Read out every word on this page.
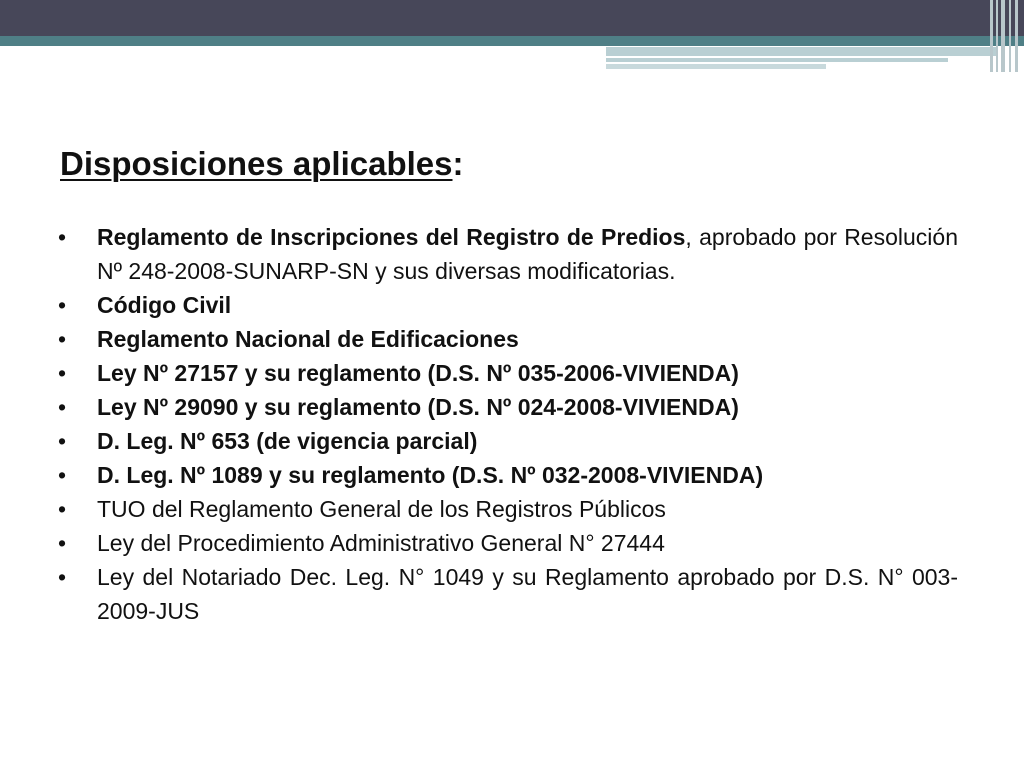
Disposiciones aplicables:
•	Reglamento de Inscripciones del Registro de Predios, aprobado por Resolución Nº 248-2008-SUNARP-SN y sus diversas modificatorias.
•	Código Civil
•	Reglamento Nacional de Edificaciones
•	Ley Nº 27157 y su reglamento (D.S. Nº 035-2006-VIVIENDA)
•	Ley Nº 29090 y su reglamento (D.S. Nº 024-2008-VIVIENDA)
•	D. Leg. Nº 653 (de vigencia parcial)
•	D. Leg. Nº 1089 y su reglamento (D.S. Nº 032-2008-VIVIENDA)
•	TUO del Reglamento General de los Registros Públicos
•	Ley del Procedimiento Administrativo General N° 27444
•	Ley del Notariado Dec. Leg. N° 1049 y su Reglamento aprobado por D.S. N° 003-2009-JUS
